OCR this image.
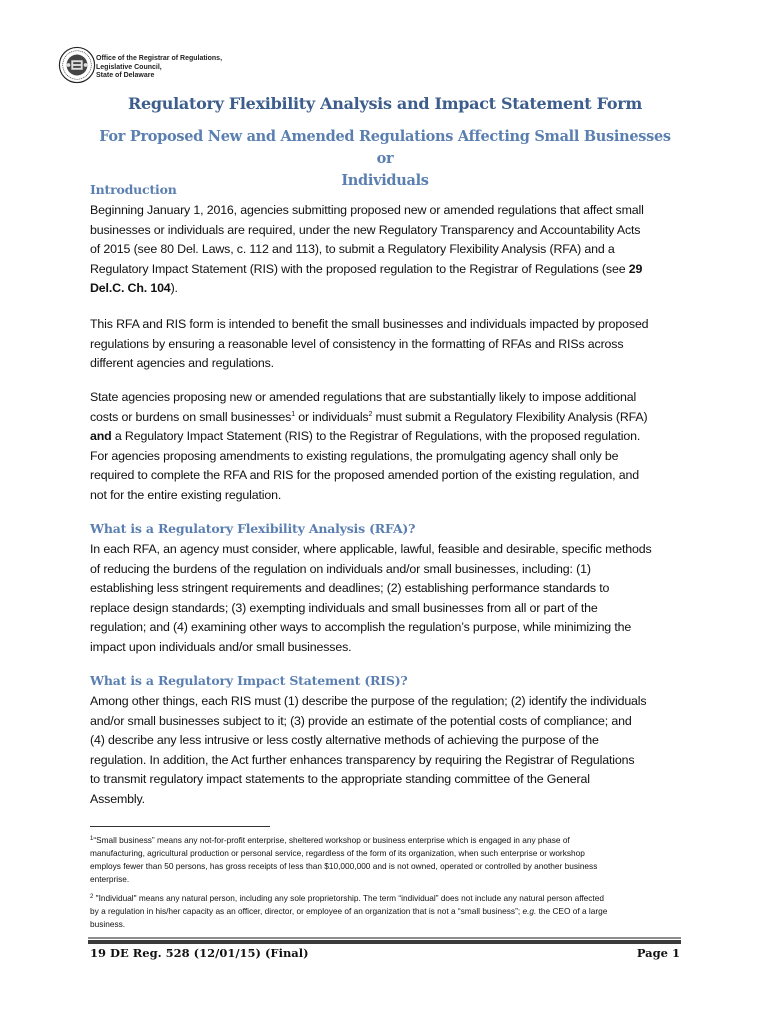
Office of the Registrar of Regulations,
Legislative Council,
State of Delaware
Regulatory Flexibility Analysis and Impact Statement Form
For Proposed New and Amended Regulations Affecting Small Businesses or
Individuals
Introduction
Beginning January 1, 2016, agencies submitting proposed new or amended regulations that affect small
businesses or individuals are required, under the new Regulatory Transparency and Accountability Acts
of 2015 (see 80 Del. Laws, c. 112 and 113), to submit a Regulatory Flexibility Analysis (RFA) and a
Regulatory Impact Statement (RIS) with the proposed regulation to the Registrar of Regulations (see 29
Del.C. Ch. 104).
This RFA and RIS form is intended to benefit the small businesses and individuals impacted by proposed
regulations by ensuring a reasonable level of consistency in the formatting of RFAs and RISs across
different agencies and regulations.
State agencies proposing new or amended regulations that are substantially likely to impose additional
costs or burdens on small businesses$^1$ or individuals$^2$ must submit a Regulatory Flexibility Analysis (RFA)
and a Regulatory Impact Statement (RIS) to the Registrar of Regulations, with the proposed regulation.
For agencies proposing amendments to existing regulations, the promulgating agency shall only be
required to complete the RFA and RIS for the proposed amended portion of the existing regulation, and
not for the entire existing regulation.
What is a Regulatory Flexibility Analysis (RFA)?
In each RFA, an agency must consider, where applicable, lawful, feasible and desirable, specific methods
of reducing the burdens of the regulation on individuals and/or small businesses, including: (1)
establishing less stringent requirements and deadlines; (2) establishing performance standards to
replace design standards; (3) exempting individuals and small businesses from all or part of the
regulation; and (4) examining other ways to accomplish the regulation’s purpose, while minimizing the
impact upon individuals and/or small businesses.
What is a Regulatory Impact Statement (RIS)?
Among other things, each RIS must (1) describe the purpose of the regulation; (2) identify the individuals
and/or small businesses subject to it; (3) provide an estimate of the potential costs of compliance; and
(4) describe any less intrusive or less costly alternative methods of achieving the purpose of the
regulation. In addition, the Act further enhances transparency by requiring the Registrar of Regulations
to transmit regulatory impact statements to the appropriate standing committee of the General
Assembly.
$^1$“Small business” means any not-for-profit enterprise, sheltered workshop or business enterprise which is engaged in any phase of
manufacturing, agricultural production or personal service, regardless of the form of its organization, when such enterprise or workshop
employs fewer than 50 persons, has gross receipts of less than $10,000,000 and is not owned, operated or controlled by another business
enterprise.
$^2$ "Individual" means any natural person, including any sole proprietorship. The term “individual” does not include any natural person affected
by a regulation in his/her capacity as an officer, director, or employee of an organization that is not a “small business”; e.g. the CEO of a large
business.
19 DE Reg. 528 (12/01/15) (Final)	Page 1
